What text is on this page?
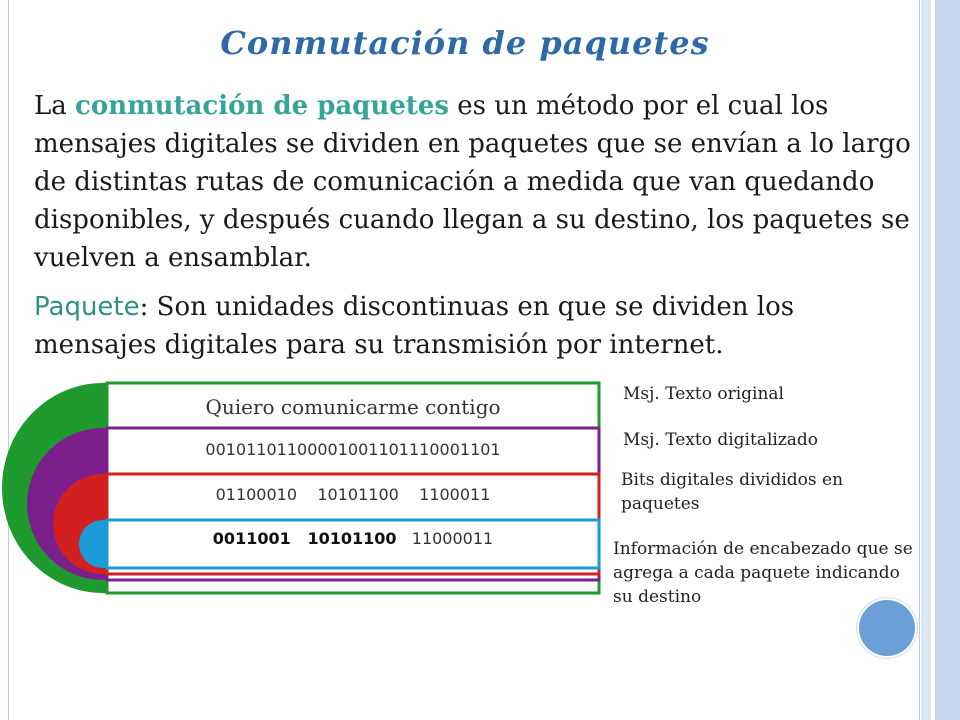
Conmutación de paquetes

La conmutación de paquetes es un método por el cual los mensajes digitales se dividen en paquetes que se envían a lo largo de distintas rutas de comunicación a medida que van quedando disponibles, y después cuando llegan a su destino, los paquetes se vuelven a ensamblar.

Paquete: Son unidades discontinuas en que se dividen los mensajes digitales para su transmisión por internet.

Quiero comunicarme contigo
00101101100001001101110001101
01100010    10101100    1100011
0011001   10101100   11000011
Msj. Texto original
Msj. Texto digitalizado
Bits digitales divididos en paquetes
Información de encabezado que se agrega a cada paquete indicando su destino
